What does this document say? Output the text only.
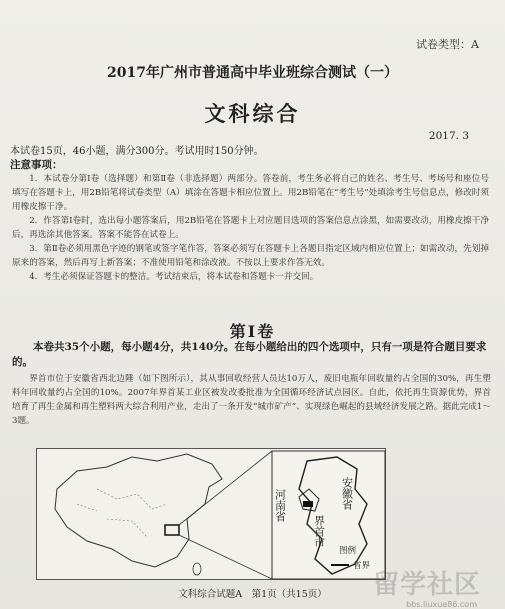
试卷类型：A
2017年广州市普通高中毕业班综合测试（一）
文科综合
2017. 3
本试卷15页，46小题，满分300分。考试用时150分钟。
注意事项：

1．本试卷分第Ⅰ卷（选择题）和第Ⅱ卷（非选择题）两部分。答卷前，考生务必将自己的姓名、考生号、考场号和座位号填写在答题卡上，用2B铅笔将试卷类型（A）填涂在答题卡相应位置上。用2B铅笔在“考生号”处填涂考生号信息点，修改时须用橡皮擦干净。

2．作答第Ⅰ卷时，选出每小题答案后，用2B铅笔在答题卡上对应题目选项的答案信息点涂黑，如需要改动，用橡皮擦干净后，再选涂其他答案。答案不能答在试卷上。

3．第Ⅱ卷必须用黑色字迹的钢笔或签字笔作答，答案必须写在答题卡上各题目指定区域内相应位置上；如需改动，先划掉原来的答案，然后再写上新答案；不准使用铅笔和涂改液。不按以上要求作答无效。

4．考生必须保证答题卡的整洁。考试结束后，将本试卷和答题卡一并交回。

第Ⅰ卷
本卷共35个小题，每小题4分，共140分。在每小题给出的四个选项中，只有一项是符合题目要求的。
界首市位于安徽省西北边陲（如下图所示），其从事回收经营人员达10万人，废旧电瓶年回收量约占全国的30%，再生塑料年回收量约占全国的10%。2007年界首某工业区被发改委批准为全国循环经济试点园区。自此，依托再生资源优势，界首培育了再生金属和再生塑料两大综合利用产业，走出了一条开发“城市矿产”、实现绿色崛起的县域经济发展之路。据此完成1～3题。
河南省	安徽省
界首市
图例
省界
文科综合试题A　第1页（共15页）	留学社区
bbs.liuxue86.com
